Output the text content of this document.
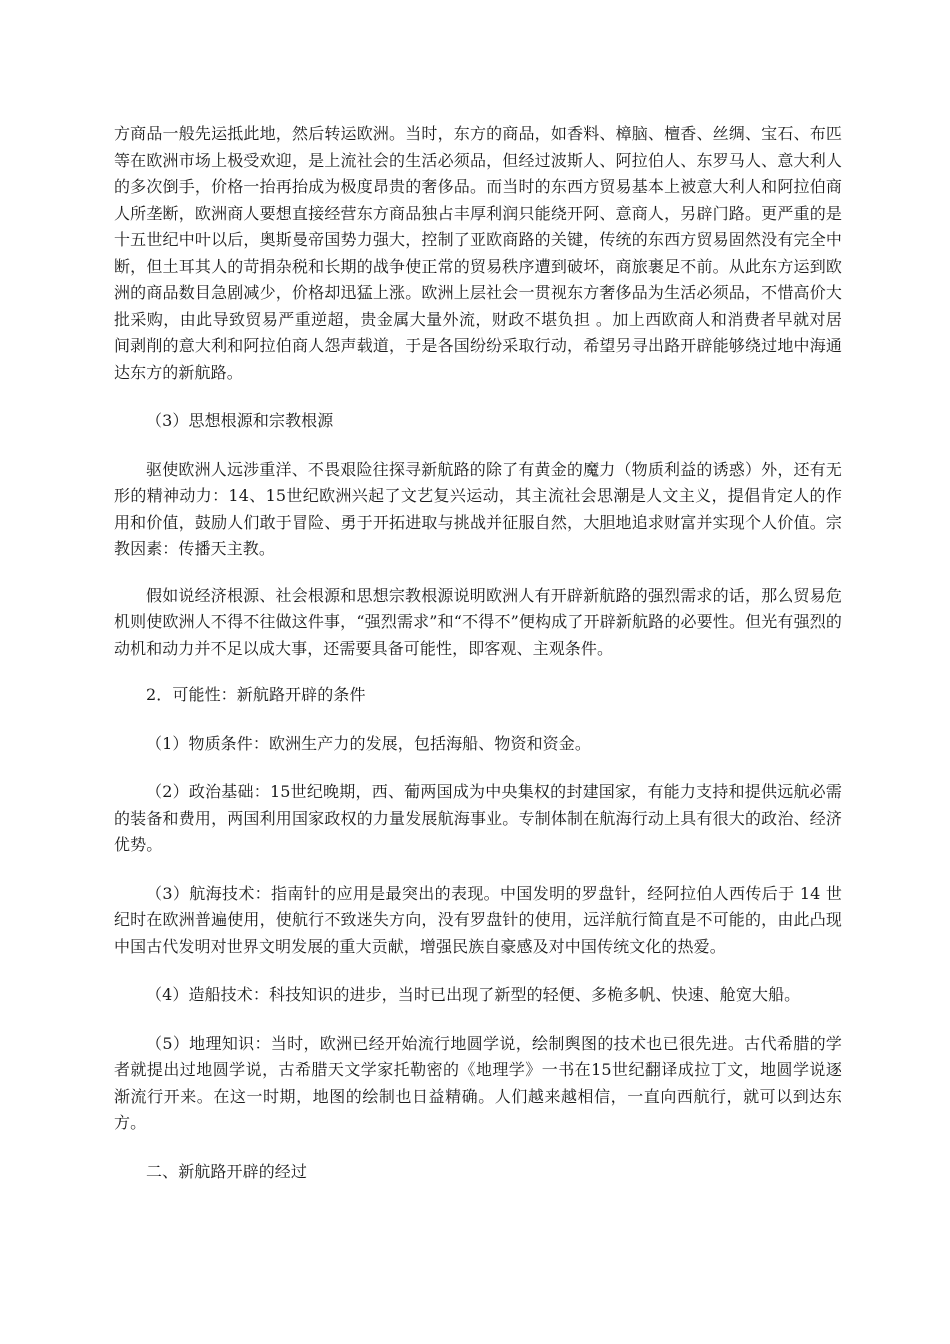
方商品一般先运抵此地，然后转运欧洲。当时，东方的商品，如香料、樟脑、檀香、丝绸、宝石、布匹等在欧洲市场上极受欢迎，是上流社会的生活必须品，但经过波斯人、阿拉伯人、东罗马人、意大利人的多次倒手，价格一抬再抬成为极度昂贵的奢侈品。而当时的东西方贸易基本上被意大利人和阿拉伯商人所垄断，欧洲商人要想直接经营东方商品独占丰厚利润只能绕开阿、意商人，另辟门路。更严重的是十五世纪中叶以后，奥斯曼帝国势力强大，控制了亚欧商路的关键，传统的东西方贸易固然没有完全中断，但土耳其人的苛捐杂税和长期的战争使正常的贸易秩序遭到破坏，商旅裹足不前。从此东方运到欧洲的商品数目急剧减少，价格却迅猛上涨。欧洲上层社会一贯视东方奢侈品为生活必须品，不惜高价大批采购，由此导致贸易严重逆超，贵金属大量外流，财政不堪负担 。加上西欧商人和消费者早就对居间剥削的意大利和阿拉伯商人怨声载道，于是各国纷纷采取行动，希望另寻出路开辟能够绕过地中海通达东方的新航路。

（3）思想根源和宗教根源

驱使欧洲人远涉重洋、不畏艰险往探寻新航路的除了有黄金的魔力（物质利益的诱惑）外，还有无形的精神动力：14、15世纪欧洲兴起了文艺复兴运动，其主流社会思潮是人文主义，提倡肯定人的作用和价值，鼓励人们敢于冒险、勇于开拓进取与挑战并征服自然，大胆地追求财富并实现个人价值。宗教因素：传播天主教。

假如说经济根源、社会根源和思想宗教根源说明欧洲人有开辟新航路的强烈需求的话，那么贸易危机则使欧洲人不得不往做这件事，“强烈需求”和“不得不”便构成了开辟新航路的必要性。但光有强烈的动机和动力并不足以成大事，还需要具备可能性，即客观、主观条件。

2．可能性：新航路开辟的条件

（1）物质条件：欧洲生产力的发展，包括海船、物资和资金。

（2）政治基础：15世纪晚期，西、葡两国成为中央集权的封建国家，有能力支持和提供远航必需的装备和费用，两国利用国家政权的力量发展航海事业。专制体制在航海行动上具有很大的政治、经济优势。

（3）航海技术：指南针的应用是最突出的表现。中国发明的罗盘针，经阿拉伯人西传后于 14 世纪时在欧洲普遍使用，使航行不致迷失方向，没有罗盘针的使用，远洋航行简直是不可能的，由此凸现中国古代发明对世界文明发展的重大贡献，增强民族自豪感及对中国传统文化的热爱。

（4）造船技术：科技知识的进步，当时已出现了新型的轻便、多桅多帆、快速、舱宽大船。

（5）地理知识：当时，欧洲已经开始流行地圆学说，绘制舆图的技术也已很先进。古代希腊的学者就提出过地圆学说，古希腊天文学家托勒密的《地理学》一书在15世纪翻译成拉丁文，地圆学说逐渐流行开来。在这一时期，地图的绘制也日益精确。人们越来越相信，一直向西航行，就可以到达东方。

二、新航路开辟的经过
